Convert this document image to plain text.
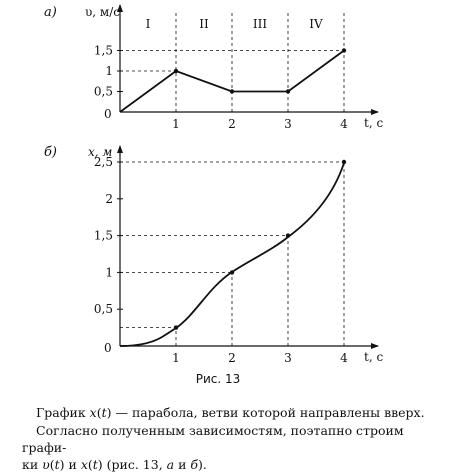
а) υ, м/с
t, с
0
I	II	III	IV
1	2	3	4
0,5
1
1,5
б)	x, м
t, с
0
1	2	3	4
0,5
1
1,5
2
2,5
Рис. 13
График x(t) — парабола, ветви которой направлены вверх.
Согласно полученным зависимостям, поэтапно строим графи-
ки υ(t) и x(t) (рис. 13, а и б).
